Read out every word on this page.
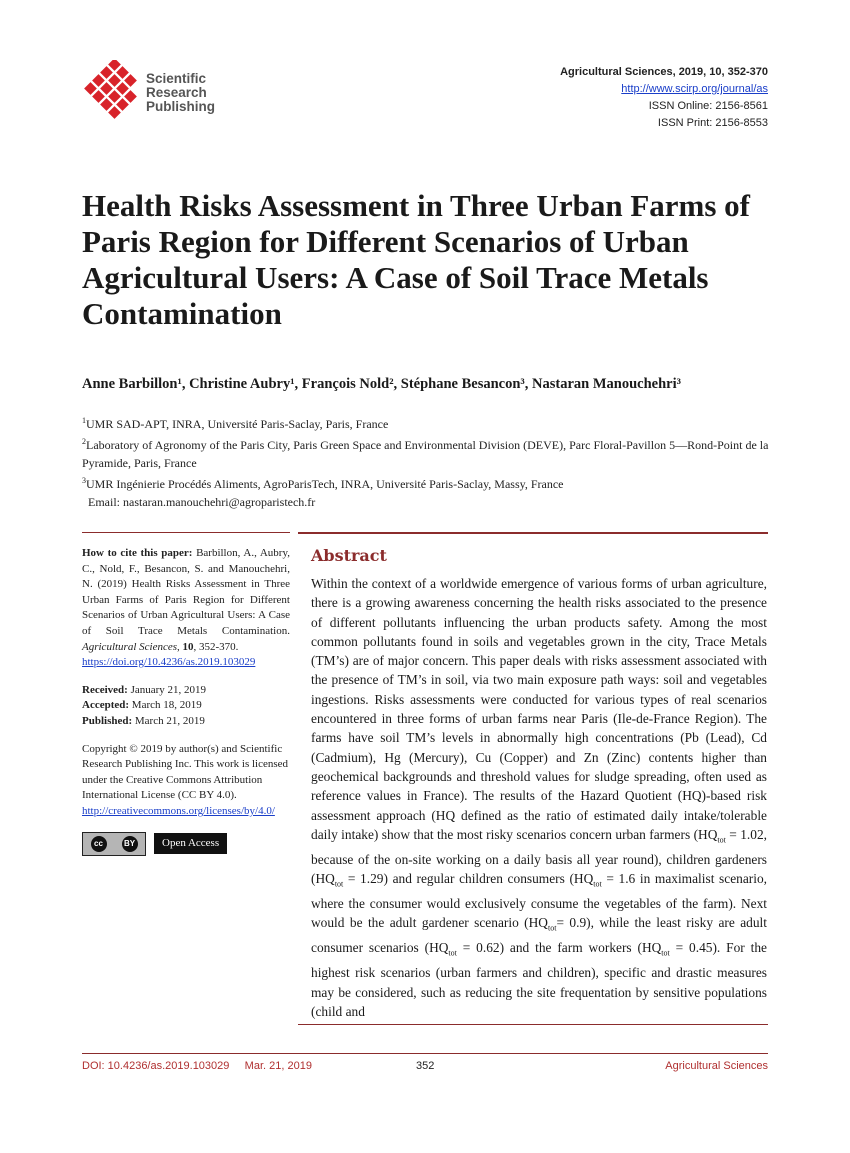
Scientific
Research
Publishing
Agricultural Sciences, 2019, 10, 352-370
http://www.scirp.org/journal/as
ISSN Online: 2156-8561
ISSN Print: 2156-8553
Health Risks Assessment in Three Urban Farms of Paris Region for Different Scenarios of Urban Agricultural Users: A Case of Soil Trace Metals Contamination
Anne Barbillon¹, Christine Aubry¹, François Nold², Stéphane Besancon³, Nastaran Manouchehri³
$^1$UMR SAD-APT, INRA, Université Paris-Saclay, Paris, France
$^2$Laboratory of Agronomy of the Paris City, Paris Green Space and Environmental Division (DEVE), Parc Floral-Pavillon 5—Rond-Point de la Pyramide, Paris, France
$^3$UMR Ingénierie Procédés Aliments, AgroParisTech, INRA, Université Paris-Saclay, Massy, France
Email: nastaran.manouchehri@agroparistech.fr

How to cite this paper: Barbillon, A., Aubry, C., Nold, F., Besancon, S. and Manouchehri, N. (2019) Health Risks Assessment in Three Urban Farms of Paris Region for Different Scenarios of Urban Agricultural Users: A Case of Soil Trace Metals Contamination. Agricultural Sciences, 10, 352-370.
https://doi.org/10.4236/as.2019.103029

Received: January 21, 2019
Accepted: March 18, 2019
Published: March 21, 2019

Copyright © 2019 by author(s) and Scientific Research Publishing Inc. This work is licensed under the Creative Commons Attribution International License (CC BY 4.0).
http://creativecommons.org/licenses/by/4.0/

cc	BY	Open Access
Abstract
Within the context of a worldwide emergence of various forms of urban agriculture, there is a growing awareness concerning the health risks associated to the presence of different pollutants influencing the urban products safety. Among the most common pollutants found in soils and vegetables grown in the city, Trace Metals (TM’s) are of major concern. This paper deals with risks assessment associated with the presence of TM’s in soil, via two main exposure path ways: soil and vegetables ingestions. Risks assessments were conducted for various types of real scenarios encountered in three forms of urban farms near Paris (Ile-de-France Region). The farms have soil TM’s levels in abnormally high concentrations (Pb (Lead), Cd (Cadmium), Hg (Mercury), Cu (Copper) and Zn (Zinc) contents higher than geochemical backgrounds and threshold values for sludge spreading, often used as reference values in France). The results of the Hazard Quotient (HQ)-based risk assessment approach (HQ defined as the ratio of estimated daily intake/tolerable daily intake) show that the most risky scenarios concern urban farmers ($HQ_{tot} = 1.02$, because of the on-site working on a daily basis all year round), children gardeners $(HQ_{tot} = 1.29)$ and regular children consumers ($HQ_{tot} = 1.6$ in maximalist scenario, where the consumer would exclusively consume the vegetables of the farm). Next would be the adult gardener scenario $(HQ_{tot}= 0.9)$, while the least risky are adult consumer scenarios $(HQ_{tot} = 0.62)$ and the farm workers $(HQ_{tot} = 0.45)$. For the highest risk scenarios (urban farmers and children), specific and drastic measures may be considered, such as reducing the site frequentation by sensitive populations (child and
DOI: 10.4236/as.2019.103029     Mar. 21, 2019	352	Agricultural Sciences
